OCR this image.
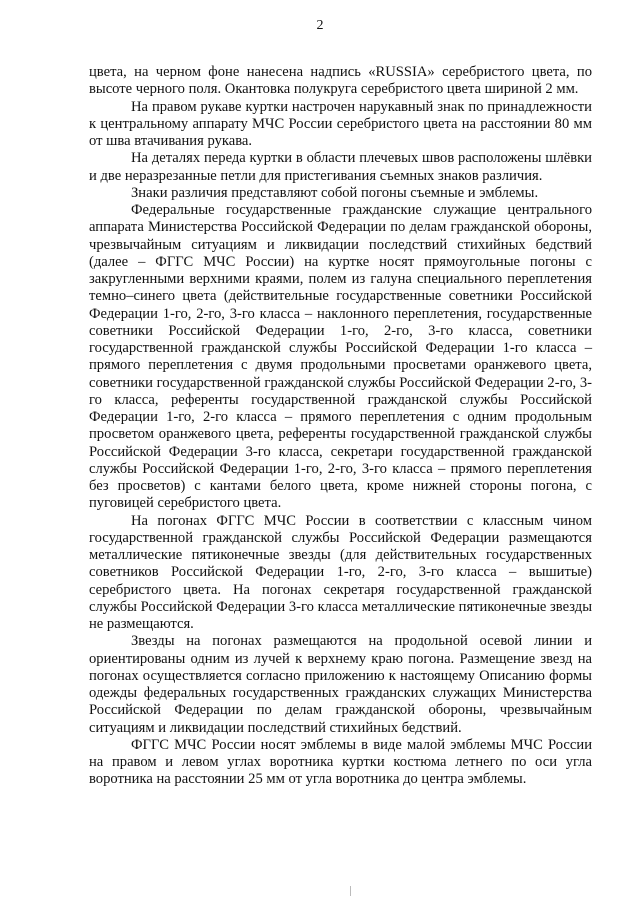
2

цвета, на черном фоне нанесена надпись «RUSSIA» серебристого цвета, по высоте черного поля. Окантовка полукруга серебристого цвета шириной 2 мм.

На правом рукаве куртки настрочен нарукавный знак по принадлежности к центральному аппарату МЧС России серебристого цвета на расстоянии 80 мм от шва втачивания рукава.

На деталях переда куртки в области плечевых швов расположены шлёвки и две неразрезанные петли для пристегивания съемных знаков различия.

Знаки различия представляют собой погоны съемные и эмблемы.

Федеральные государственные гражданские служащие центрального аппарата Министерства Российской Федерации по делам гражданской обороны, чрезвычайным ситуациям и ликвидации последствий стихийных бедствий (далее – ФГГС МЧС России) на куртке носят прямоугольные погоны с закругленными верхними краями, полем из галуна специального переплетения темно–синего цвета (действительные государственные советники Российской Федерации 1-го, 2-го, 3-го класса – наклонного переплетения, государственные советники Российской Федерации 1-го, 2-го, 3-го класса, советники государственной гражданской службы Российской Федерации 1-го класса – прямого переплетения с двумя продольными просветами оранжевого цвета, советники государственной гражданской службы Российской Федерации 2-го, 3-го класса, референты государственной гражданской службы Российской Федерации 1-го, 2-го класса – прямого переплетения с одним продольным просветом оранжевого цвета, референты государственной гражданской службы Российской Федерации 3-го класса, секретари государственной гражданской службы Российской Федерации 1-го, 2-го, 3-го класса – прямого переплетения без просветов) с кантами белого цвета, кроме нижней стороны погона, с пуговицей серебристого цвета.

На погонах ФГГС МЧС России в соответствии с классным чином государственной гражданской службы Российской Федерации размещаются металлические пятиконечные звезды (для действительных государственных советников Российской Федерации 1-го, 2-го, 3-го класса – вышитые) серебристого цвета. На погонах секретаря государственной гражданской службы Российской Федерации 3-го класса металлические пятиконечные звезды не размещаются.

Звезды на погонах размещаются на продольной осевой линии и ориентированы одним из лучей к верхнему краю погона. Размещение звезд на погонах осуществляется согласно приложению к настоящему Описанию формы одежды федеральных государственных гражданских служащих Министерства Российской Федерации по делам гражданской обороны, чрезвычайным ситуациям и ликвидации последствий стихийных бедствий.

ФГГС МЧС России носят эмблемы в виде малой эмблемы МЧС России на правом и левом углах воротника куртки костюма летнего по оси угла воротника на расстоянии 25 мм от угла воротника до центра эмблемы.
